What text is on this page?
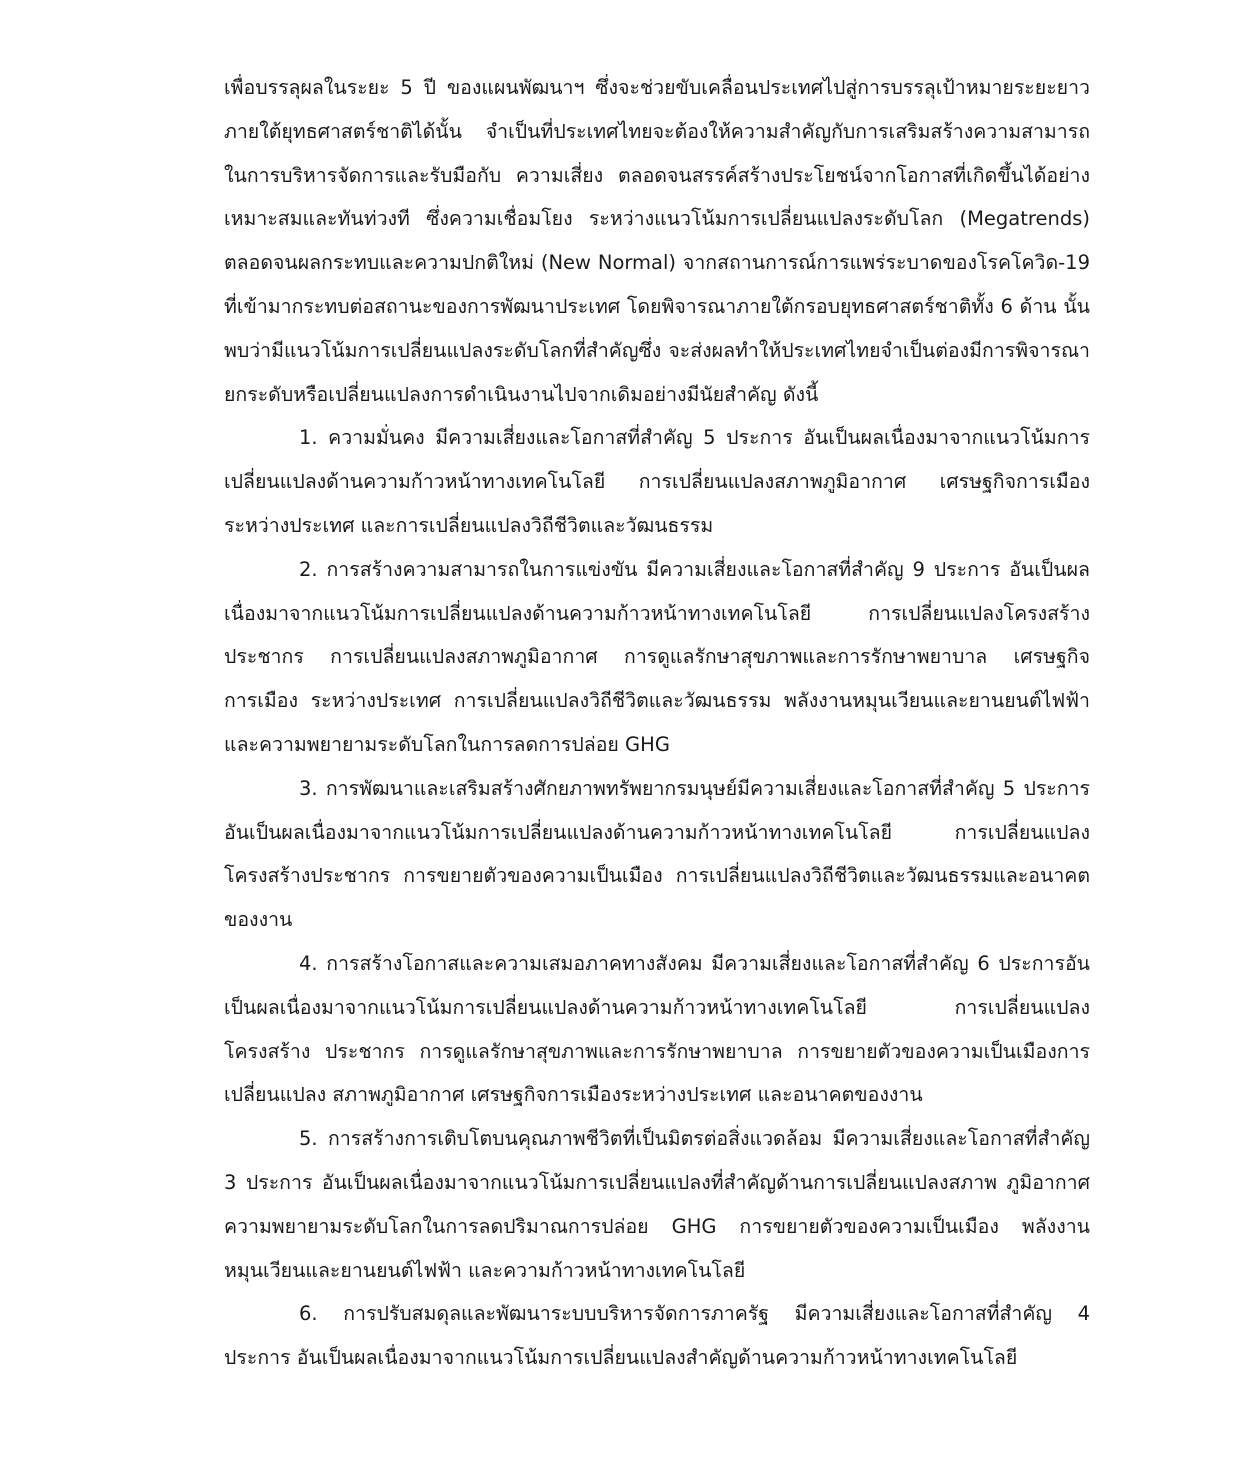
เพื่อบรรลุผลในระยะ 5 ปี ของแผนพัฒนาฯ ซึ่งจะช่วยขับเคลื่อนประเทศไปสู่การบรรลุเป้าหมายระยะยาวภายใต้ยุทธศาสตร์ชาติได้นั้น จำเป็นที่ประเทศไทยจะต้องให้ความสำคัญกับการเสริมสร้างความสามารถในการบริหารจัดการและรับมือกับ ความเสี่ยง ตลอดจนสรรค์สร้างประโยชน์จากโอกาสที่เกิดขึ้นได้อย่างเหมาะสมและทันท่วงที ซึ่งความเชื่อมโยง ระหว่างแนวโน้มการเปลี่ยนแปลงระดับโลก (Megatrends) ตลอดจนผลกระทบและความปกติใหม่ (New Normal) จากสถานการณ์การแพร่ระบาดของโรคโควิด-19 ที่เข้ามากระทบต่อสถานะของการพัฒนาประเทศ โดยพิจารณาภายใต้กรอบยุทธศาสตร์ชาติทั้ง 6 ด้าน นั้น พบว่ามีแนวโน้มการเปลี่ยนแปลงระดับโลกที่สำคัญซึ่ง จะส่งผลทำให้ประเทศไทยจำเป็นต่องมีการพิจารณายกระดับหรือเปลี่ยนแปลงการดำเนินงานไปจากเดิมอย่างมีนัยสำคัญ ดังนี้

1. ความมั่นคง มีความเสี่ยงและโอกาสที่สำคัญ 5 ประการ อันเป็นผลเนื่องมาจากแนวโน้มการ เปลี่ยนแปลงด้านความก้าวหน้าทางเทคโนโลยี การเปลี่ยนแปลงสภาพภูมิอากาศ เศรษฐกิจการเมืองระหว่างประเทศ และการเปลี่ยนแปลงวิถีชีวิตและวัฒนธรรม

2. การสร้างความสามารถในการแข่งขัน มีความเสี่ยงและโอกาสที่สำคัญ 9 ประการ อันเป็นผลเนื่องมาจากแนวโน้มการเปลี่ยนแปลงด้านความก้าวหน้าทางเทคโนโลยี การเปลี่ยนแปลงโครงสร้างประชากร การเปลี่ยนแปลงสภาพภูมิอากาศ การดูแลรักษาสุขภาพและการรักษาพยาบาล เศรษฐกิจการเมือง ระหว่างประเทศ การเปลี่ยนแปลงวิถีชีวิตและวัฒนธรรม พลังงานหมุนเวียนและยานยนต์ไฟฟ้า และความพยายามระดับโลกในการลดการปล่อย GHG

3. การพัฒนาและเสริมสร้างศักยภาพทรัพยากรมนุษย์มีความเสี่ยงและโอกาสที่สำคัญ 5 ประการ อันเป็นผลเนื่องมาจากแนวโน้มการเปลี่ยนแปลงด้านความก้าวหน้าทางเทคโนโลยี การเปลี่ยนแปลง โครงสร้างประชากร การขยายตัวของความเป็นเมือง การเปลี่ยนแปลงวิถีชีวิตและวัฒนธรรมและอนาคตของงาน

4. การสร้างโอกาสและความเสมอภาคทางสังคม มีความเสี่ยงและโอกาสที่สำคัญ 6 ประการอันเป็นผลเนื่องมาจากแนวโน้มการเปลี่ยนแปลงด้านความก้าวหน้าทางเทคโนโลยี การเปลี่ยนแปลงโครงสร้าง ประชากร การดูแลรักษาสุขภาพและการรักษาพยาบาล การขยายตัวของความเป็นเมืองการเปลี่ยนแปลง สภาพภูมิอากาศ เศรษฐกิจการเมืองระหว่างประเทศ และอนาคตของงาน

5. การสร้างการเติบโตบนคุณภาพชีวิตที่เป็นมิตรต่อสิ่งแวดล้อม มีความเสี่ยงและโอกาสที่สำคัญ 3 ประการ อันเป็นผลเนื่องมาจากแนวโน้มการเปลี่ยนแปลงที่สำคัญด้านการเปลี่ยนแปลงสภาพ ภูมิอากาศ ความพยายามระดับโลกในการลดปริมาณการปล่อย GHG การขยายตัวของความเป็นเมือง พลังงาน หมุนเวียนและยานยนต์ไฟฟ้า และความก้าวหน้าทางเทคโนโลยี

6. การปรับสมดุลและพัฒนาระบบบริหารจัดการภาครัฐ มีความเสี่ยงและโอกาสที่สำคัญ 4 ประการ อันเป็นผลเนื่องมาจากแนวโน้มการเปลี่ยนแปลงสำคัญด้านความก้าวหน้าทางเทคโนโลยี
